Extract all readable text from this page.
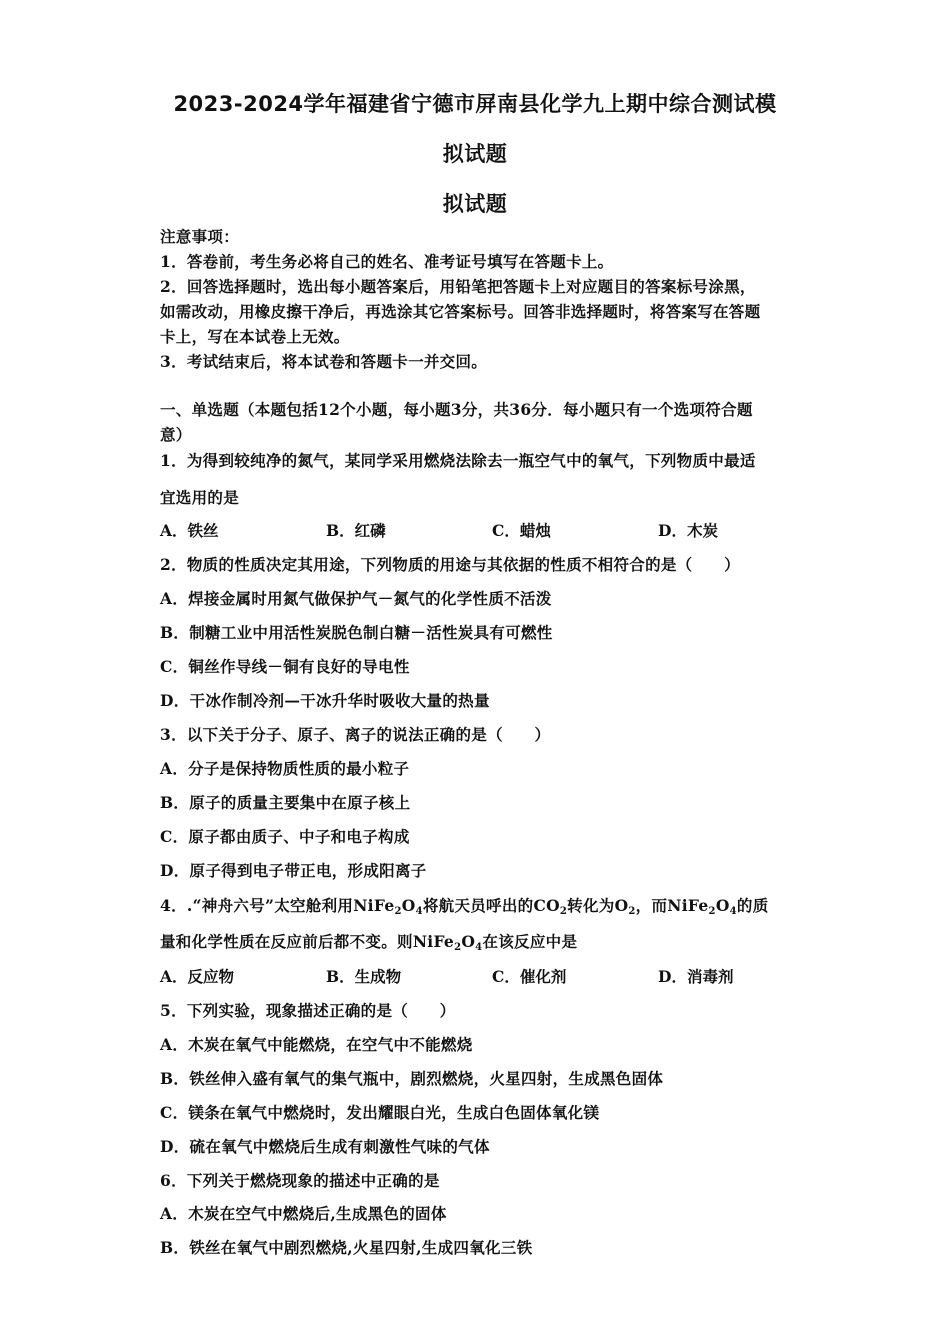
2023-2024学年福建省宁德市屏南县化学九上期中综合测试模
拟试题
拟试题
注意事项：
1．答卷前，考生务必将自己的姓名、准考证号填写在答题卡上。
2．回答选择题时，选出每小题答案后，用铅笔把答题卡上对应题目的答案标号涂黑，
如需改动，用橡皮擦干净后，再选涂其它答案标号。回答非选择题时，将答案写在答题
卡上，写在本试卷上无效。
3．考试结束后，将本试卷和答题卡一并交回。
一、单选题（本题包括12个小题，每小题3分，共36分．每小题只有一个选项符合题
意）
1．为得到较纯净的氮气，某同学采用燃烧法除去一瓶空气中的氧气，下列物质中最适
宜选用的是
A．铁丝	B．红磷	C．蜡烛	D．木炭
2．物质的性质决定其用途，下列物质的用途与其依据的性质不相符合的是（　　）
A．焊接金属时用氮气做保护气－氮气的化学性质不活泼
B．制糖工业中用活性炭脱色制白糖－活性炭具有可燃性
C．铜丝作导线－铜有良好的导电性
D．干冰作制冷剂—干冰升华时吸收大量的热量
3．以下关于分子、原子、离子的说法正确的是（　　）
A．分子是保持物质性质的最小粒子
B．原子的质量主要集中在原子核上
C．原子都由质子、中子和电子构成
D．原子得到电子带正电，形成阳离子
4．.“神舟六号”太空舱利用$NiFe_2O_4$将航天员呼出的$CO_2$转化为$O_2$，而$NiFe_2O_4$的质
量和化学性质在反应前后都不变。则$NiFe_2O_4$在该反应中是
A．反应物	B．生成物	C．催化剂	D．消毒剂
5．下列实验，现象描述正确的是（　　）
A．木炭在氧气中能燃烧，在空气中不能燃烧
B．铁丝伸入盛有氧气的集气瓶中，剧烈燃烧，火星四射，生成黑色固体
C．镁条在氧气中燃烧时，发出耀眼白光，生成白色固体氧化镁
D．硫在氧气中燃烧后生成有刺激性气味的气体
6．下列关于燃烧现象的描述中正确的是
A．木炭在空气中燃烧后,生成黑色的固体
B．铁丝在氧气中剧烈燃烧,火星四射,生成四氧化三铁
